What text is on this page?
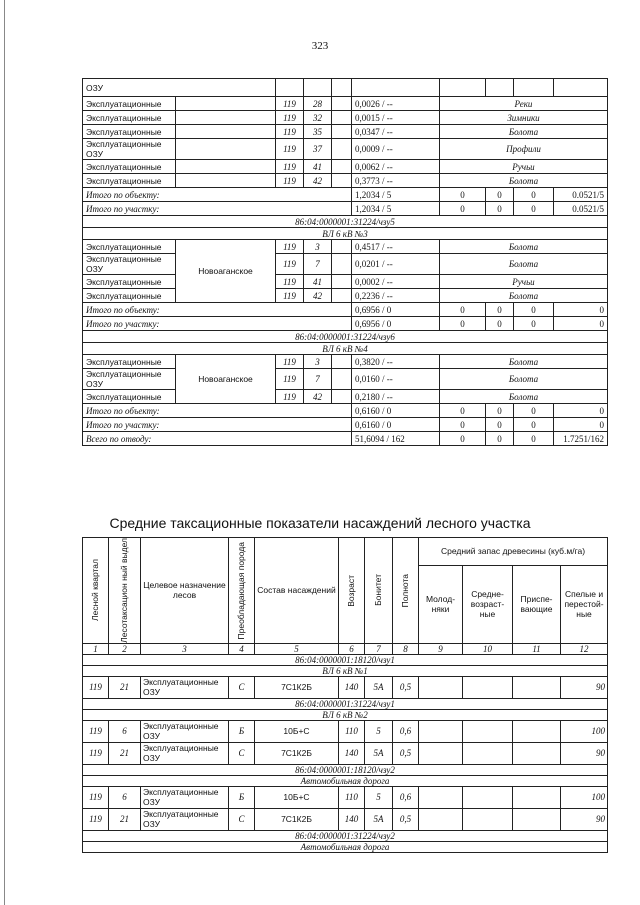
323
ОЗУ									
Эксплуатационные		119	28		0,0026 / --	Реки			
Эксплуатационные		119	32		0,0015 / --	Зимники			
Эксплуатационные		119	35		0,0347 / --	Болота			
Эксплуатационные ОЗУ		119	37		0,0009 / --	Профили			
Эксплуатационные		119	41		0,0062 / --	Ручьи			
Эксплуатационные		119	42		0,3773 / --	Болота			
Итого по объекту:					1,2034 / 5	0	0	0	0.0521/5
Итого по участку:					1,2034 / 5	0	0	0	0.0521/5
86:04:0000001:31224/чзу5									
ВЛ 6 кВ №3									
Эксплуатационные	Новоаганское	119	3		0,4517 / --	Болота			
Эксплуатационные ОЗУ		119	7		0,0201 / --	Болота			
Эксплуатационные		119	41		0,0002 / --	Ручьи			
Эксплуатационные		119	42		0,2236 / --	Болота			
Итого по объекту:					0,6956 / 0	0	0	0	0
Итого по участку:					0,6956 / 0	0	0	0	0
86:04:0000001:31224/чзу6									
ВЛ 6 кВ №4									
Эксплуатационные	Новоаганское	119	3		0,3820 / --	Болота			
Эксплуатационные ОЗУ		119	7		0,0160 / --	Болота			
Эксплуатационные		119	42		0,2180 / --	Болота			
Итого по объекту:					0,6160 / 0	0	0	0	0
Итого по участку:					0,6160 / 0	0	0	0	0
Всего по отводу:					51,6094 / 162	0	0	0	1.7251/162
Средние таксационные показатели насаждений лесного участка
Лесной квартал	Лесотаксацион ный выдел	Целевое назначение лесов	Преобладающая порода	Состав насаждений	Возраст	Бонитет	Полнота	Средний запас древесины (куб.м/га)			
								Молод- няки	Средне- возраст- ные	Приспе- вающие	Спелые и перестой- ные
1	2	3	4	5	6	7	8	9	10	11	12
86:04:0000001:18120/чзу1											
ВЛ 6 кВ №1											
119	21	Эксплуатационные ОЗУ	С	7С1К2Б	140	5А	0,5				90
86:04:0000001:31224/чзу1											
ВЛ 6 кВ №2											
119	6	Эксплуатационные ОЗУ	Б	10Б+С	110	5	0,6				100
119	21	Эксплуатационные ОЗУ	С	7С1К2Б	140	5А	0,5				90
86:04:0000001:18120/чзу2											
Автомобильная дорога											
119	6	Эксплуатационные ОЗУ	Б	10Б+С	110	5	0,6				100
119	21	Эксплуатационные ОЗУ	С	7С1К2Б	140	5А	0,5				90
86:04:0000001:31224/чзу2											
Автомобильная дорога											
